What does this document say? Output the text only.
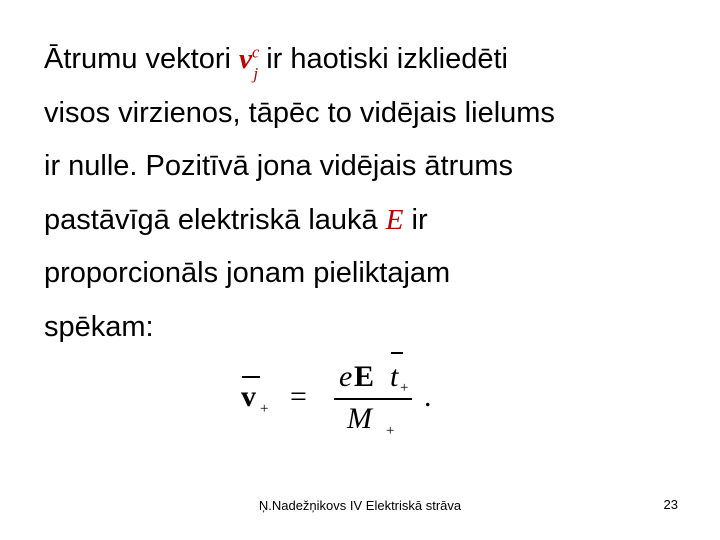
Ātrumu vektori $v^c_j$ ir haotiski izkliedēti
visos virzienos, tāpēc to vidējais lielums
ir nulle. Pozitīvā jona vidējais ātrums
pastāvīgā elektriskā laukā E ir
proporcionāls jonam pieliktajam
spēkam:
v + =
e E t +
M +
.
Ņ.Nadežņikovs IV Elektriskā strāva	23
